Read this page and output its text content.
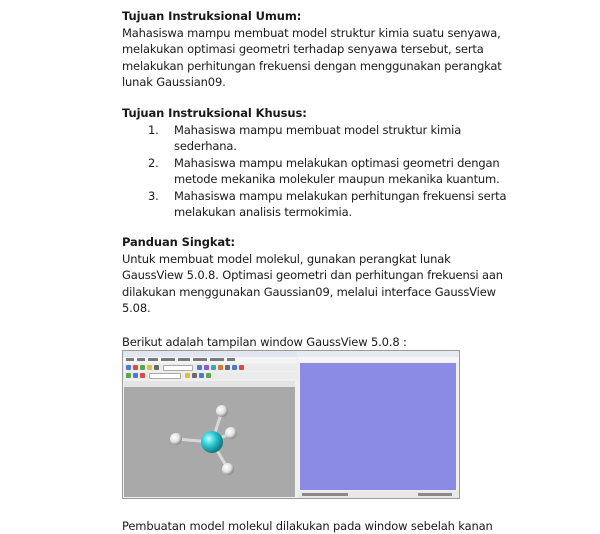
Tujuan Instruksional Umum:
Mahasiswa mampu membuat model struktur kimia suatu senyawa,
melakukan optimasi geometri terhadap senyawa tersebut, serta
melakukan perhitungan frekuensi dengan menggunakan perangkat
lunak Gaussian09.
Tujuan Instruksional Khusus:
1.	Mahasiswa mampu membuat model struktur kimia
sederhana.
2.	Mahasiswa mampu melakukan optimasi geometri dengan
metode mekanika molekuler maupun mekanika kuantum.
3.	Mahasiswa mampu melakukan perhitungan frekuensi serta
melakukan analisis termokimia.
Panduan Singkat:
Untuk membuat model molekul, gunakan perangkat lunak
GaussView 5.0.8. Optimasi geometri dan perhitungan frekuensi aan
dilakukan menggunakan Gaussian09, melalui interface GaussView
5.08.
Berikut adalah tampilan window GaussView 5.0.8 :
Pembuatan model molekul dilakukan pada window sebelah kanan
